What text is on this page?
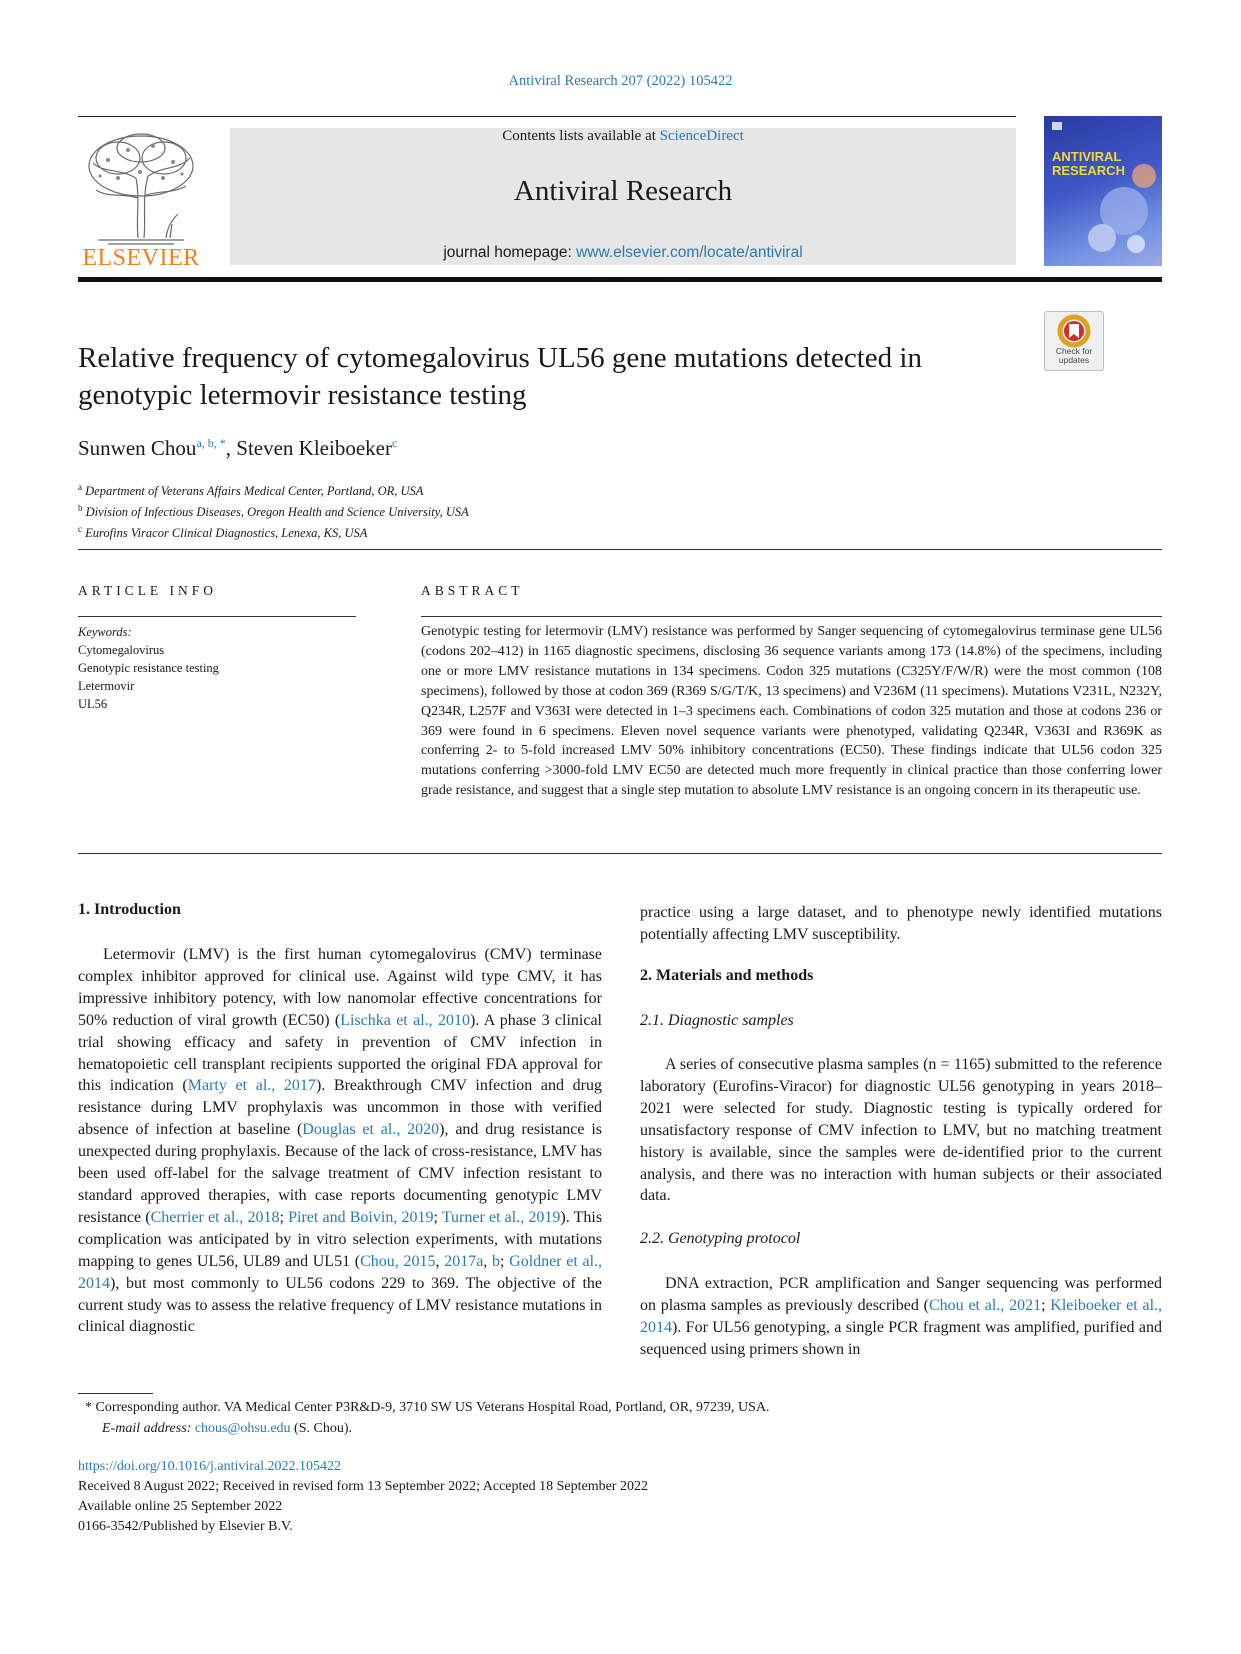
Antiviral Research 207 (2022) 105422
ELSEVIER
Contents lists available at ScienceDirect
Antiviral Research
journal homepage: www.elsevier.com/locate/antiviral
ANTIVIRAL RESEARCH
Check for updates
Relative frequency of cytomegalovirus UL56 gene mutations detected in genotypic letermovir resistance testing
Sunwen Chou$^{a, b, *}$, Steven Kleiboeker$^c$
$^a$ Department of Veterans Affairs Medical Center, Portland, OR, USA
$^b$ Division of Infectious Diseases, Oregon Health and Science University, USA
$^c$ Eurofins Viracor Clinical Diagnostics, Lenexa, KS, USA
ARTICLE INFO
Keywords:
Cytomegalovirus
Genotypic resistance testing
Letermovir
UL56
ABSTRACT
Genotypic testing for letermovir (LMV) resistance was performed by Sanger sequencing of cytomegalovirus terminase gene UL56 (codons 202–412) in 1165 diagnostic specimens, disclosing 36 sequence variants among 173 (14.8%) of the specimens, including one or more LMV resistance mutations in 134 specimens. Codon 325 mutations (C325Y/F/W/R) were the most common (108 specimens), followed by those at codon 369 (R369 S/G/T/K, 13 specimens) and V236M (11 specimens). Mutations V231L, N232Y, Q234R, L257F and V363I were detected in 1–3 specimens each. Combinations of codon 325 mutation and those at codons 236 or 369 were found in 6 specimens. Eleven novel sequence variants were phenotyped, validating Q234R, V363I and R369K as conferring 2- to 5-fold increased LMV 50% inhibitory concentrations (EC50). These findings indicate that UL56 codon 325 mutations conferring >3000-fold LMV EC50 are detected much more frequently in clinical practice than those conferring lower grade resistance, and suggest that a single step mutation to absolute LMV resistance is an ongoing concern in its therapeutic use.
1. Introduction

Letermovir (LMV) is the first human cytomegalovirus (CMV) terminase complex inhibitor approved for clinical use. Against wild type CMV, it has impressive inhibitory potency, with low nanomolar effective concentrations for 50% reduction of viral growth (EC50) (Lischka et al., 2010). A phase 3 clinical trial showing efficacy and safety in prevention of CMV infection in hematopoietic cell transplant recipients supported the original FDA approval for this indication (Marty et al., 2017). Breakthrough CMV infection and drug resistance during LMV prophylaxis was uncommon in those with verified absence of infection at baseline (Douglas et al., 2020), and drug resistance is unexpected during prophylaxis. Because of the lack of cross-resistance, LMV has been used off-label for the salvage treatment of CMV infection resistant to standard approved therapies, with case reports documenting genotypic LMV resistance (Cherrier et al., 2018; Piret and Boivin, 2019; Turner et al., 2019). This complication was anticipated by in vitro selection experiments, with mutations mapping to genes UL56, UL89 and UL51 (Chou, 2015, 2017a, b; Goldner et al., 2014), but most commonly to UL56 codons 229 to 369. The objective of the current study was to assess the relative frequency of LMV resistance mutations in clinical diagnostic

practice using a large dataset, and to phenotype newly identified mutations potentially affecting LMV susceptibility.

2. Materials and methods
2.1. Diagnostic samples

A series of consecutive plasma samples (n = 1165) submitted to the reference laboratory (Eurofins-Viracor) for diagnostic UL56 genotyping in years 2018–2021 were selected for study. Diagnostic testing is typically ordered for unsatisfactory response of CMV infection to LMV, but no matching treatment history is available, since the samples were de-identified prior to the current analysis, and there was no interaction with human subjects or their associated data.

2.2. Genotyping protocol

DNA extraction, PCR amplification and Sanger sequencing was performed on plasma samples as previously described (Chou et al., 2021; Kleiboeker et al., 2014). For UL56 genotyping, a single PCR fragment was amplified, purified and sequenced using primers shown in

* Corresponding author. VA Medical Center P3R&D-9, 3710 SW US Veterans Hospital Road, Portland, OR, 97239, USA.
E-mail address: chous@ohsu.edu (S. Chou).
https://doi.org/10.1016/j.antiviral.2022.105422
Received 8 August 2022; Received in revised form 13 September 2022; Accepted 18 September 2022
Available online 25 September 2022
0166-3542/Published by Elsevier B.V.
